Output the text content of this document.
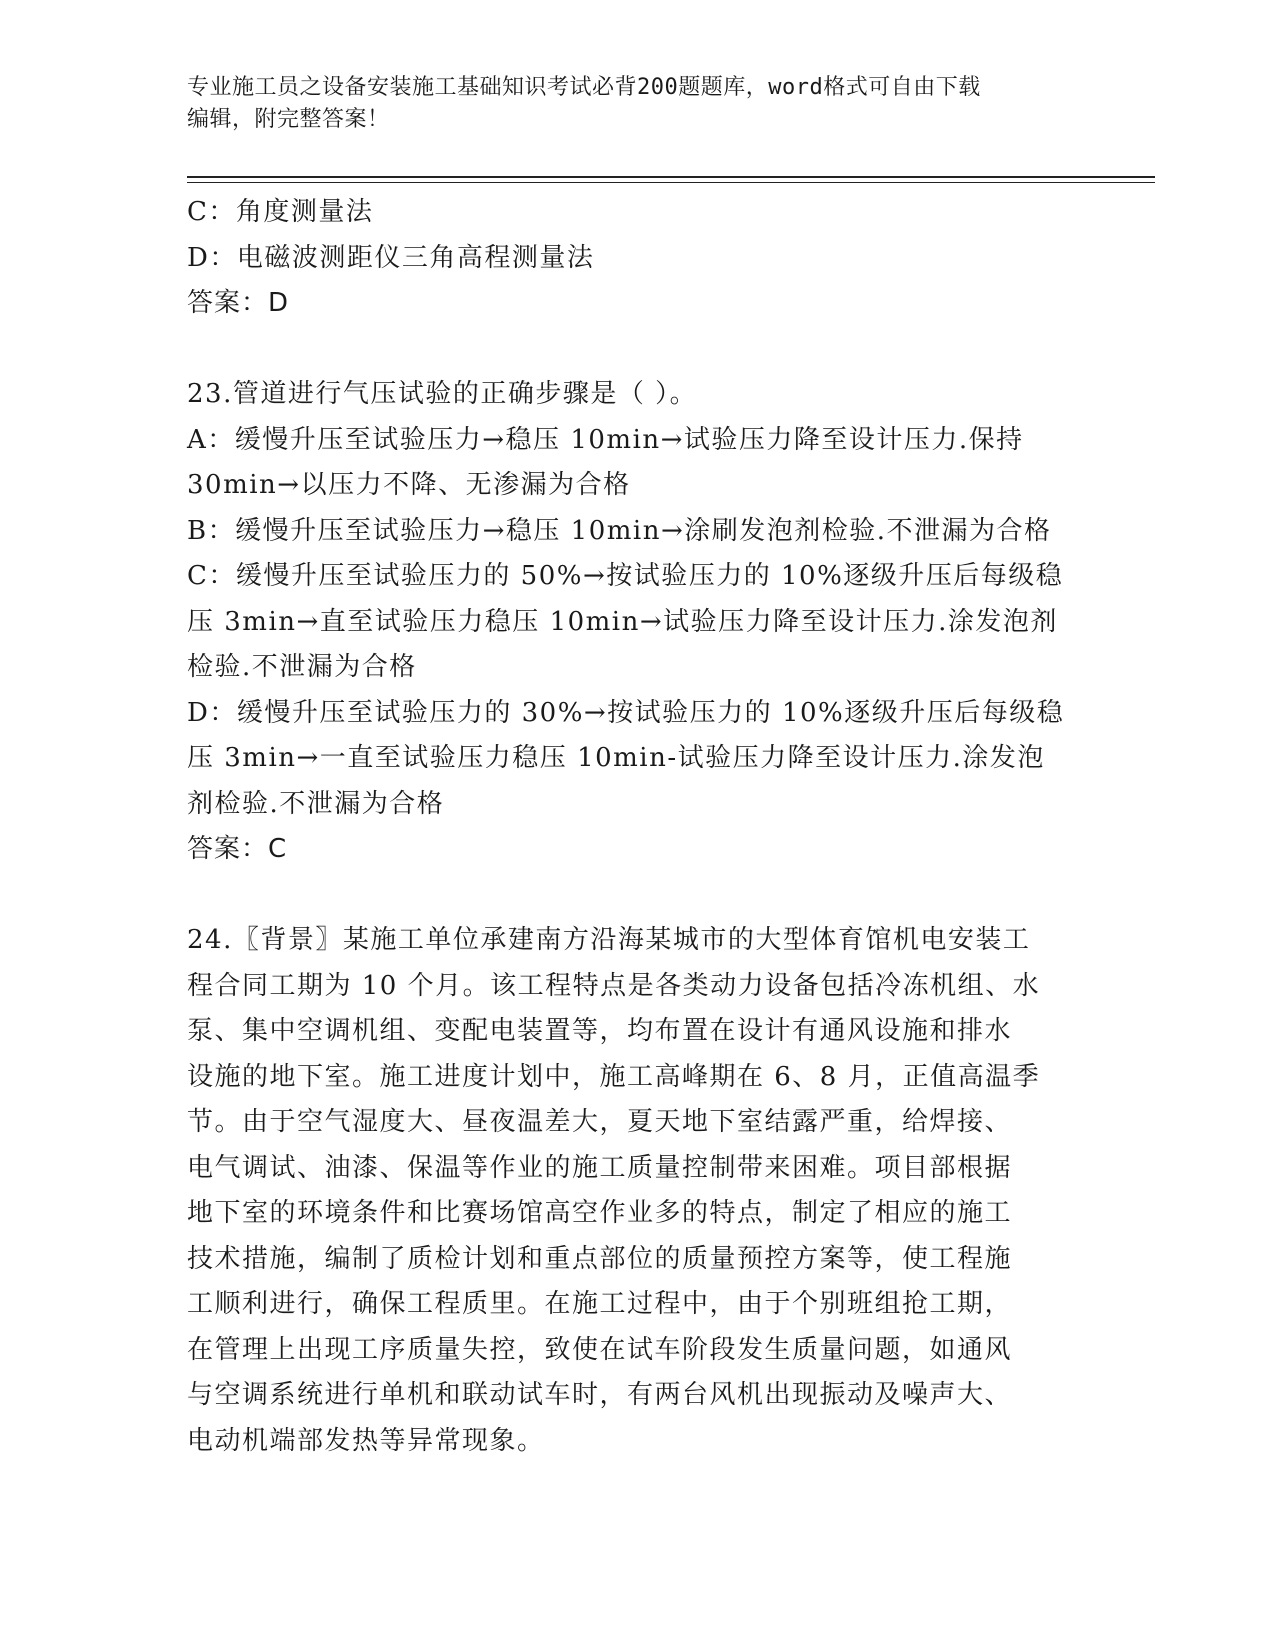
专业施工员之设备安装施工基础知识考试必背200题题库，word格式可自由下载
编辑，附完整答案！

C：角度测量法

D：电磁波测距仪三角高程测量法

答案：D

23.管道进行气压试验的正确步骤是（ ）。

A：缓慢升压至试验压力→稳压 10min→试验压力降至设计压力.保持

30min→以压力不降、无渗漏为合格

B：缓慢升压至试验压力→稳压 10min→涂刷发泡剂检验.不泄漏为合格

C：缓慢升压至试验压力的 50%→按试验压力的 10%逐级升压后每级稳

压 3min→直至试验压力稳压 10min→试验压力降至设计压力.涂发泡剂

检验.不泄漏为合格

D：缓慢升压至试验压力的 30%→按试验压力的 10%逐级升压后每级稳

压 3min→一直至试验压力稳压 10min-试验压力降至设计压力.涂发泡

剂检验.不泄漏为合格

答案：C

24.〖背景〗某施工单位承建南方沿海某城市的大型体育馆机电安装工

程合同工期为 10 个月。该工程特点是各类动力设备包括冷冻机组、水

泵、集中空调机组、变配电装置等，均布置在设计有通风设施和排水

设施的地下室。施工进度计划中，施工高峰期在 6、8 月，正值高温季

节。由于空气湿度大、昼夜温差大，夏天地下室结露严重，给焊接、

电气调试、油漆、保温等作业的施工质量控制带来困难。项目部根据

地下室的环境条件和比赛场馆高空作业多的特点，制定了相应的施工

技术措施，编制了质检计划和重点部位的质量预控方案等，使工程施

工顺利进行，确保工程质里。在施工过程中，由于个别班组抢工期，

在管理上出现工序质量失控，致使在试车阶段发生质量问题，如通风

与空调系统进行单机和联动试车时，有两台风机出现振动及噪声大、

电动机端部发热等异常现象。
